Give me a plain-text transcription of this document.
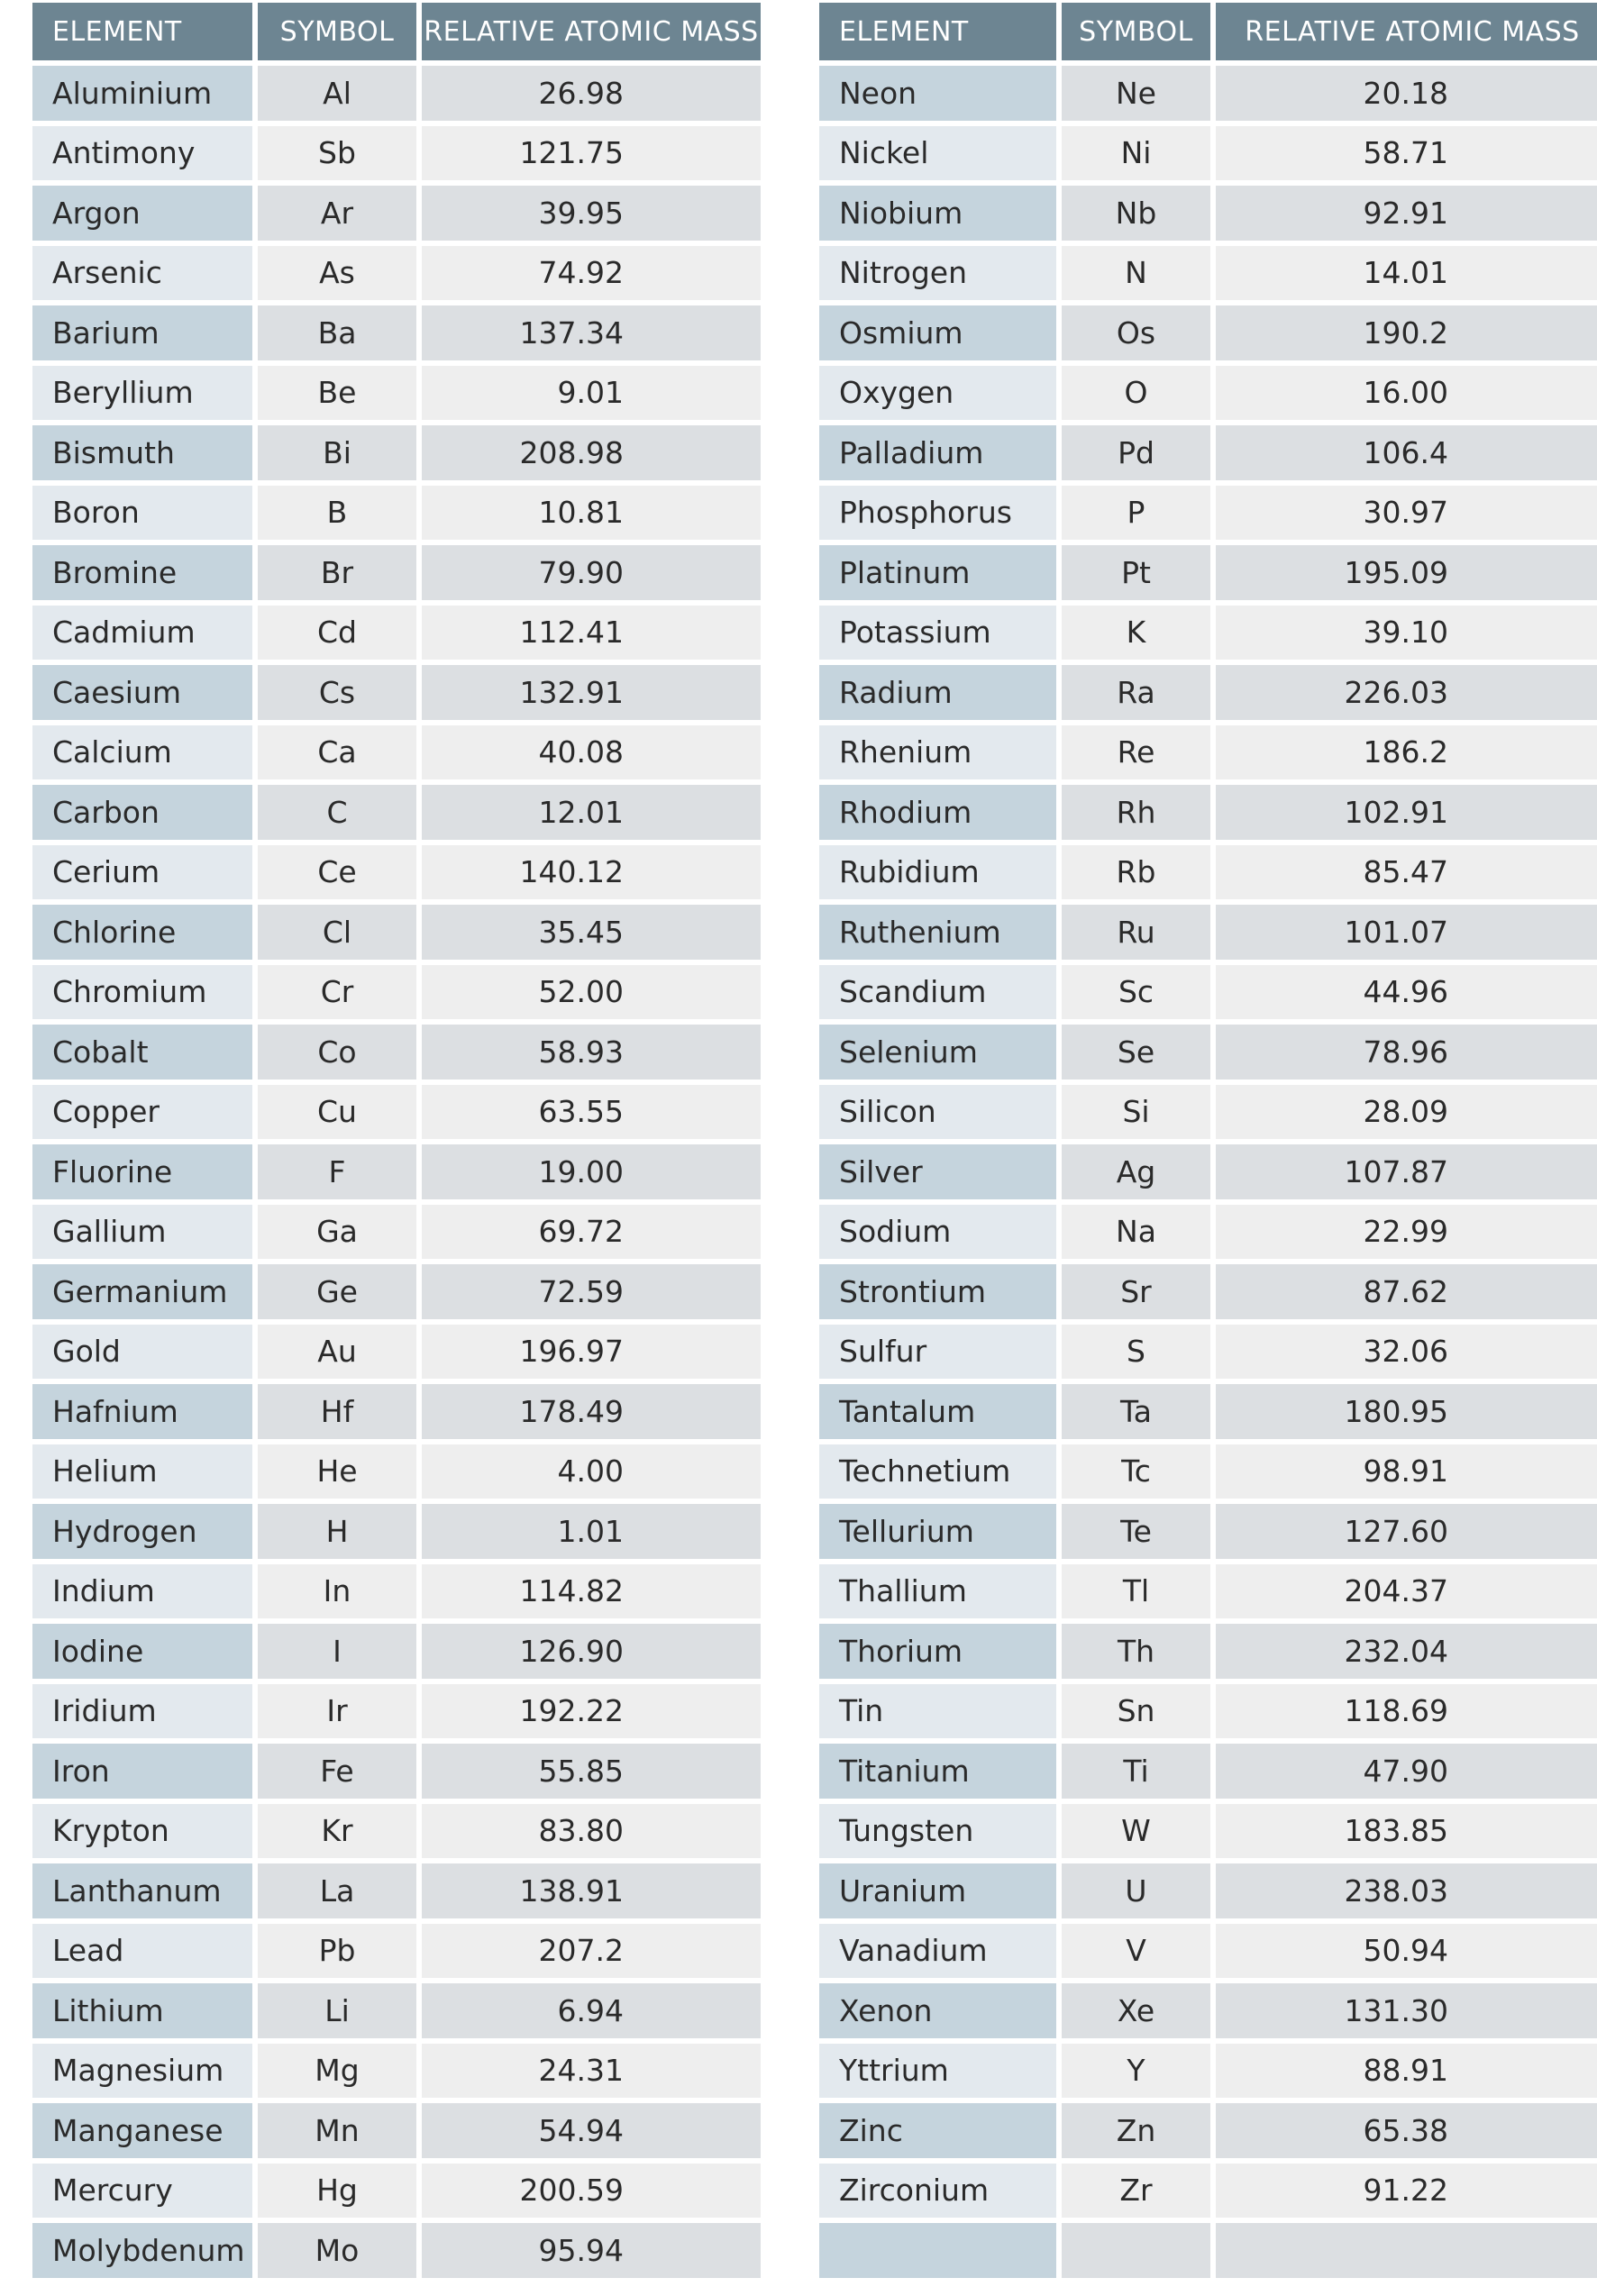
ELEMENT	SYMBOL	RELATIVE ATOMIC MASS
Aluminium	Al	26.98
Antimony	Sb	121.75
Argon	Ar	39.95
Arsenic	As	74.92
Barium	Ba	137.34
Beryllium	Be	9.01
Bismuth	Bi	208.98
Boron	B	10.81
Bromine	Br	79.90
Cadmium	Cd	112.41
Caesium	Cs	132.91
Calcium	Ca	40.08
Carbon	C	12.01
Cerium	Ce	140.12
Chlorine	Cl	35.45
Chromium	Cr	52.00
Cobalt	Co	58.93
Copper	Cu	63.55
Fluorine	F	19.00
Gallium	Ga	69.72
Germanium	Ge	72.59
Gold	Au	196.97
Hafnium	Hf	178.49
Helium	He	4.00
Hydrogen	H	1.01
Indium	In	114.82
Iodine	I	126.90
Iridium	Ir	192.22
Iron	Fe	55.85
Krypton	Kr	83.80
Lanthanum	La	138.91
Lead	Pb	207.2
Lithium	Li	6.94
Magnesium	Mg	24.31
Manganese	Mn	54.94
Mercury	Hg	200.59
Molybdenum	Mo	95.94
ELEMENT	SYMBOL	RELATIVE ATOMIC MASS
Neon	Ne	20.18
Nickel	Ni	58.71
Niobium	Nb	92.91
Nitrogen	N	14.01
Osmium	Os	190.2
Oxygen	O	16.00
Palladium	Pd	106.4
Phosphorus	P	30.97
Platinum	Pt	195.09
Potassium	K	39.10
Radium	Ra	226.03
Rhenium	Re	186.2
Rhodium	Rh	102.91
Rubidium	Rb	85.47
Ruthenium	Ru	101.07
Scandium	Sc	44.96
Selenium	Se	78.96
Silicon	Si	28.09
Silver	Ag	107.87
Sodium	Na	22.99
Strontium	Sr	87.62
Sulfur	S	32.06
Tantalum	Ta	180.95
Technetium	Tc	98.91
Tellurium	Te	127.60
Thallium	Tl	204.37
Thorium	Th	232.04
Tin	Sn	118.69
Titanium	Ti	47.90
Tungsten	W	183.85
Uranium	U	238.03
Vanadium	V	50.94
Xenon	Xe	131.30
Yttrium	Y	88.91
Zinc	Zn	65.38
Zirconium	Zr	91.22
